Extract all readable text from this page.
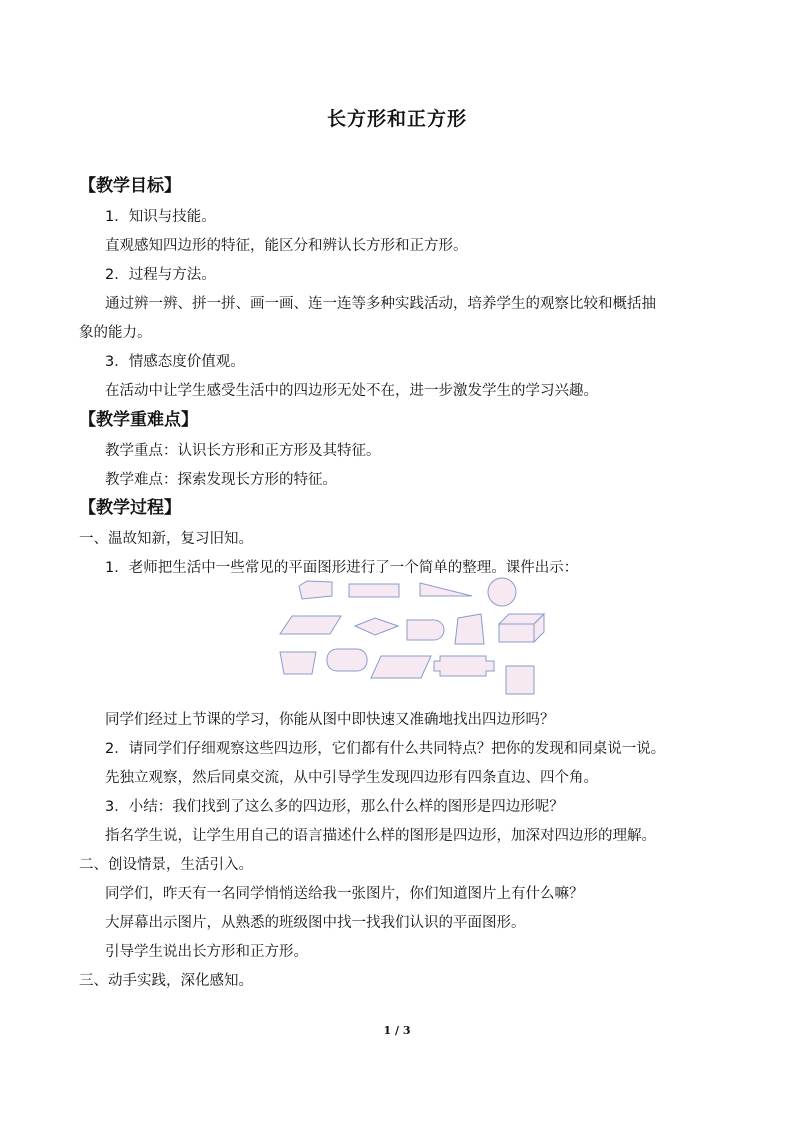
长方形和正方形
【教学目标】
1．知识与技能。
直观感知四边形的特征，能区分和辨认长方形和正方形。
2．过程与方法。
通过辨一辨、拼一拼、画一画、连一连等多种实践活动，培养学生的观察比较和概括抽
象的能力。
3．情感态度价值观。
在活动中让学生感受生活中的四边形无处不在，进一步激发学生的学习兴趣。
【教学重难点】
教学重点：认识长方形和正方形及其特征。
教学难点：探索发现长方形的特征。
【教学过程】
一、温故知新，复习旧知。
1．老师把生活中一些常见的平面图形进行了一个简单的整理。课件出示：
同学们经过上节课的学习，你能从图中即快速又准确地找出四边形吗？
2．请同学们仔细观察这些四边形，它们都有什么共同特点？把你的发现和同桌说一说。
先独立观察，然后同桌交流，从中引导学生发现四边形有四条直边、四个角。
3．小结：我们找到了这么多的四边形，那么什么样的图形是四边形呢？
指名学生说，让学生用自己的语言描述什么样的图形是四边形，加深对四边形的理解。
二、创设情景，生活引入。
同学们，昨天有一名同学悄悄送给我一张图片，你们知道图片上有什么嘛？
大屏幕出示图片，从熟悉的班级图中找一找我们认识的平面图形。
引导学生说出长方形和正方形。
三、动手实践，深化感知。
1 / 3
